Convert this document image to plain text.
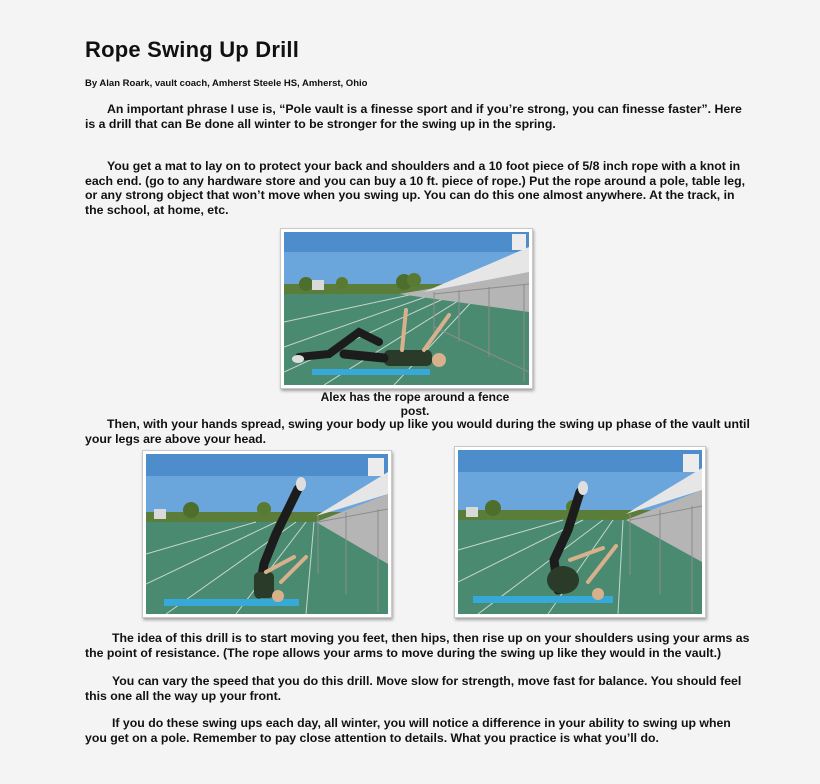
Rope Swing Up Drill
By Alan Roark, vault coach, Amherst Steele HS, Amherst, Ohio

An important phrase I use is, “Pole vault is a finesse sport and if you’re strong, you can finesse faster”. Here is a drill that can Be done all winter to be stronger for the swing up in the spring.

You get a mat to lay on to protect your back and shoulders and a 10 foot piece of 5/8 inch rope with a knot in each end. (go to any hardware store and you can buy a 10 ft. piece of rope.) Put the rope around a pole, table leg, or any strong object that won’t move when you swing up. You can do this one almost anywhere. At the track, in the school, at home, etc.

Alex has the rope around a fence post.

Then, with your hands spread, swing your body up like you would during the swing up phase of the vault until your legs are above your head.

The idea of this drill is to start moving you feet, then hips, then rise up on your shoulders using your arms as the point of resistance. (The rope allows your arms to move during the swing up like they would in the vault.)

You can vary the speed that you do this drill. Move slow for strength, move fast for balance. You should feel this one all the way up your front.

If you do these swing ups each day, all winter, you will notice a difference in your ability to swing up when you get on a pole. Remember to pay close attention to details. What you practice is what you’ll do.
